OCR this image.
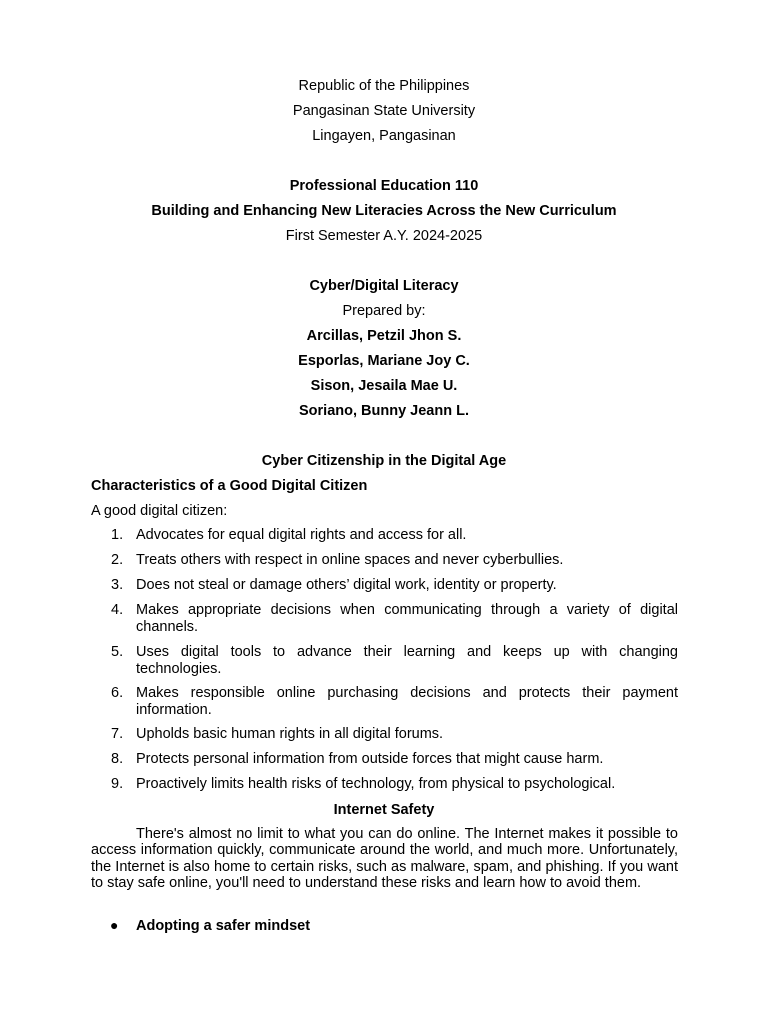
Republic of the Philippines
Pangasinan State University
Lingayen, Pangasinan
Professional Education 110
Building and Enhancing New Literacies Across the New Curriculum
First Semester A.Y. 2024-2025
Cyber/Digital Literacy
Prepared by:
Arcillas, Petzil Jhon S.
Esporlas, Mariane Joy C.
Sison, Jesaila Mae U.
Soriano, Bunny Jeann L.
Cyber Citizenship in the Digital Age
Characteristics of a Good Digital Citizen
A good digital citizen:
1. Advocates for equal digital rights and access for all.
2. Treats others with respect in online spaces and never cyberbullies.
3. Does not steal or damage others’ digital work, identity or property.
4. Makes appropriate decisions when communicating through a variety of digital channels.
5. Uses digital tools to advance their learning and keeps up with changing technologies.
6. Makes responsible online purchasing decisions and protects their payment information.
7. Upholds basic human rights in all digital forums.
8. Protects personal information from outside forces that might cause harm.
9. Proactively limits health risks of technology, from physical to psychological.
Internet Safety

There's almost no limit to what you can do online. The Internet makes it possible to access information quickly, communicate around the world, and much more. Unfortunately, the Internet is also home to certain risks, such as malware, spam, and phishing. If you want to stay safe online, you'll need to understand these risks and learn how to avoid them.

● Adopting a safer mindset
